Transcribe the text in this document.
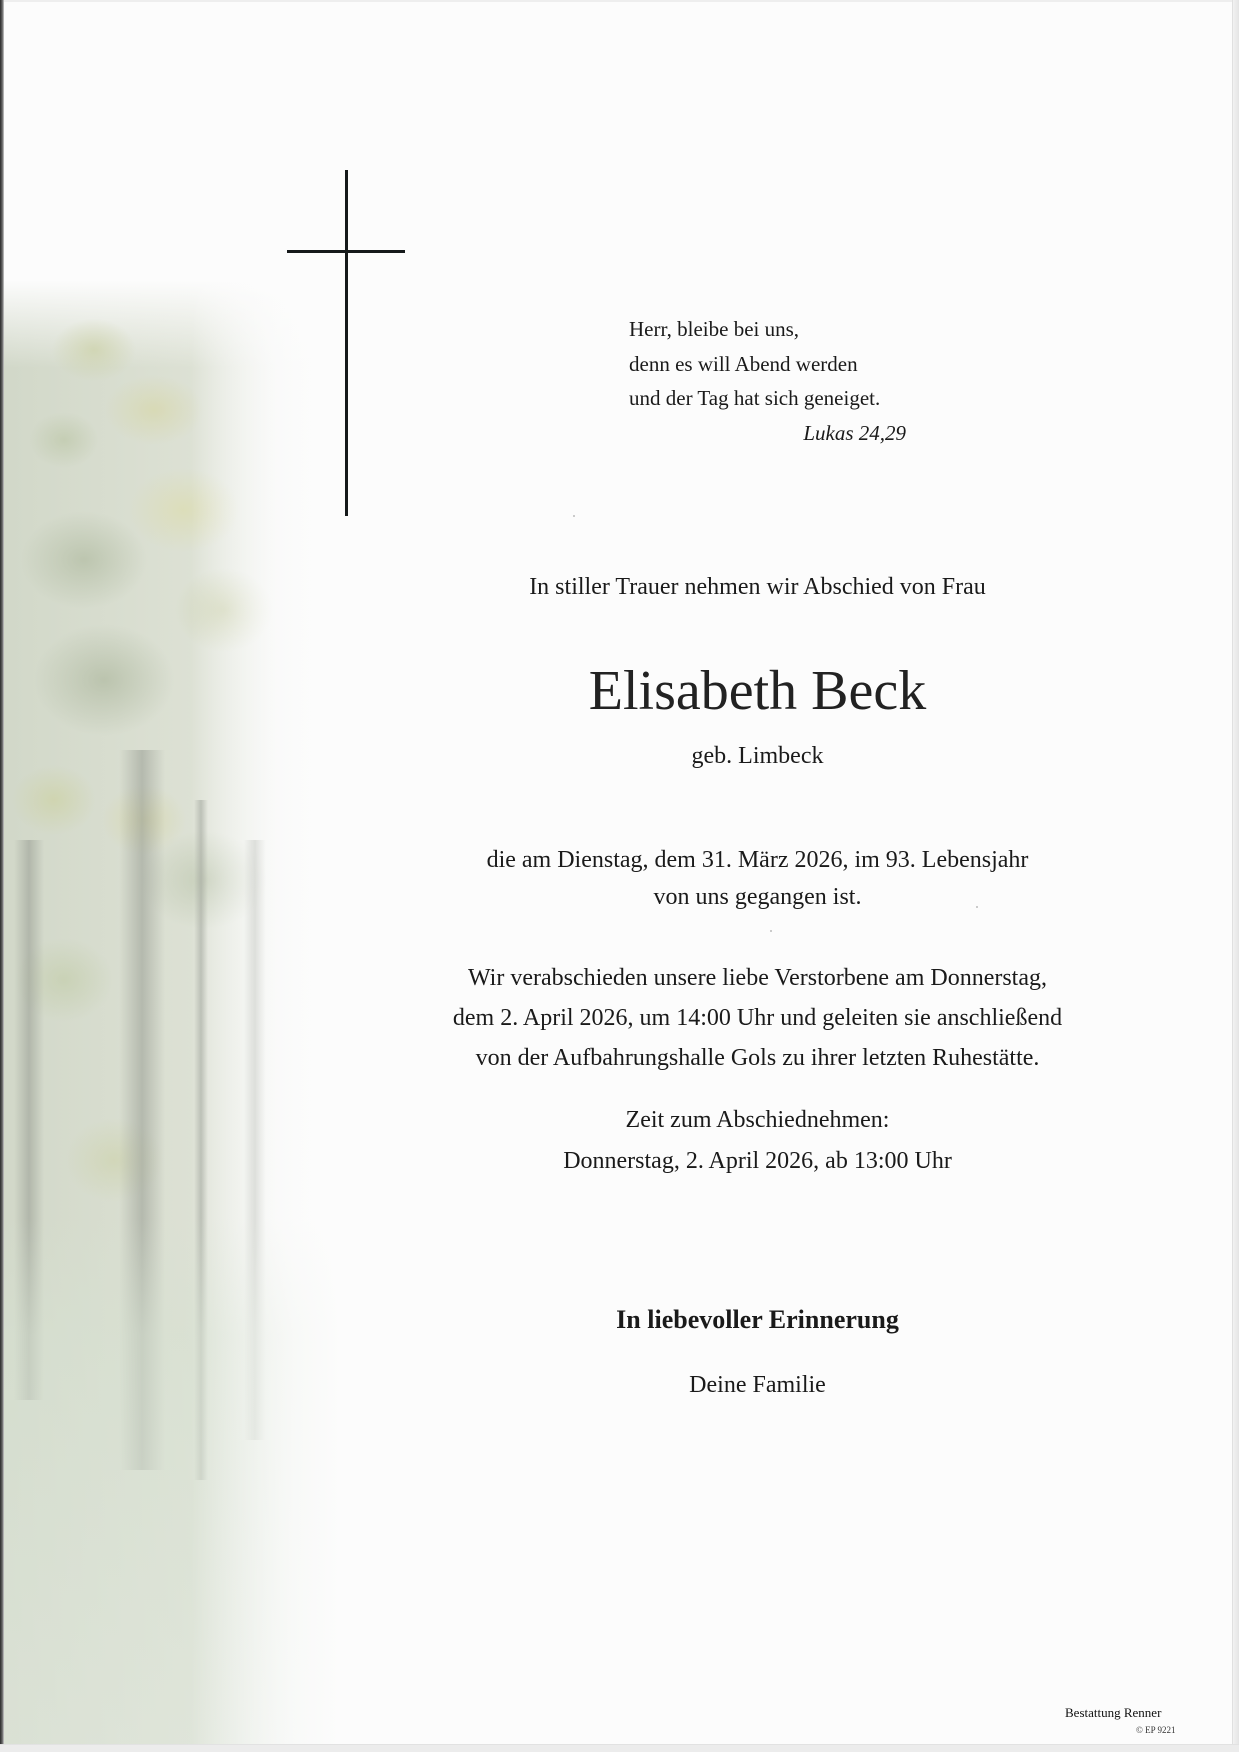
Herr, bleibe bei uns,
denn es will Abend werden
und der Tag hat sich geneiget.
Lukas 24,29
In stiller Trauer nehmen wir Abschied von Frau
Elisabeth Beck
geb. Limbeck
die am Dienstag, dem 31. März 2026, im 93. Lebensjahr
von uns gegangen ist.
Wir verabschieden unsere liebe Verstorbene am Donnerstag,
dem 2. April 2026, um 14:00 Uhr und geleiten sie anschließend
von der Aufbahrungshalle Gols zu ihrer letzten Ruhestätte.
Zeit zum Abschiednehmen:
Donnerstag, 2. April 2026, ab 13:00 Uhr
In liebevoller Erinnerung
Deine Familie
Bestattung Renner
© EP 9221
